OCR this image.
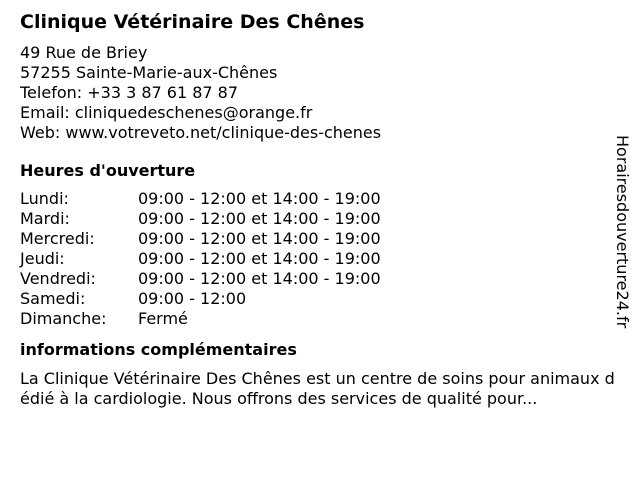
Clinique Vétérinaire Des Chênes
49 Rue de Briey
57255 Sainte-Marie-aux-Chênes
Telefon: +33 3 87 61 87 87
Email: cliniquedeschenes@orange.fr
Web: www.votreveto.net/clinique-des-chenes
Heures d'ouverture
Lundi:	09:00 - 12:00 et 14:00 - 19:00
Mardi:	09:00 - 12:00 et 14:00 - 19:00
Mercredi:	09:00 - 12:00 et 14:00 - 19:00
Jeudi:	09:00 - 12:00 et 14:00 - 19:00
Vendredi:	09:00 - 12:00 et 14:00 - 19:00
Samedi:	09:00 - 12:00
Dimanche:	Fermé
informations complémentaires
La Clinique Vétérinaire Des Chênes est un centre de soins pour animaux dédié à la cardiologie. Nous offrons des services de qualité pour...
Horairesdouverture24.fr
